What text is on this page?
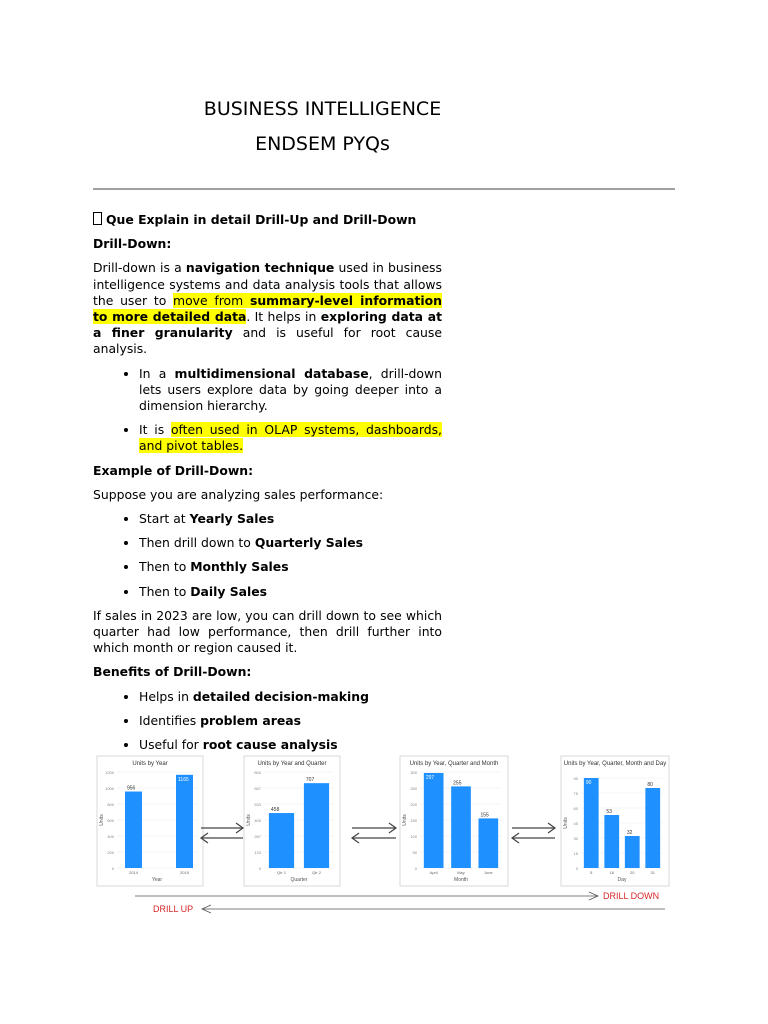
BUSINESS INTELLIGENCE
ENDSEM PYQs

Que Explain in detail Drill-Up and Drill-Down

Drill-Down:

Drill-down is a navigation technique used in business intelligence systems and data analysis tools that allows the user to move from summary-level information to more detailed data. It helps in exploring data at a finer granularity and is useful for root cause analysis.

• In a multidimensional database, drill-down lets users explore data by going deeper into a dimension hierarchy.
• It is often used in OLAP systems, dashboards, and pivot tables.

Example of Drill-Down:

Suppose you are analyzing sales performance:

• Start at Yearly Sales
• Then drill down to Quarterly Sales
• Then to Monthly Sales
• Then to Daily Sales

If sales in 2023 are low, you can drill down to see which quarter had low performance, then drill further into which month or region caused it.

Benefits of Drill-Down:

• Helps in detailed decision-making
• Identifies problem areas
• Useful for root cause analysis
Units by Year
0
200
400
600
800
1000
1200
Units
956
2014
1165
2015
Year
Units by Year and Quarter
0
133
267
400
533
667
800
Units
458
Qtr 1
707
Qtr 2
Quarter
Units by Year, Quarter and Month
0
50
100
150
200
250
300
Units
297
April
255
May
155
June
Month
Units by Year, Quarter, Month and Day
0
15
30
45
60
75
90
Units
90
5
53
16
32
20
80
31
Day
DRILL DOWN
DRILL UP
